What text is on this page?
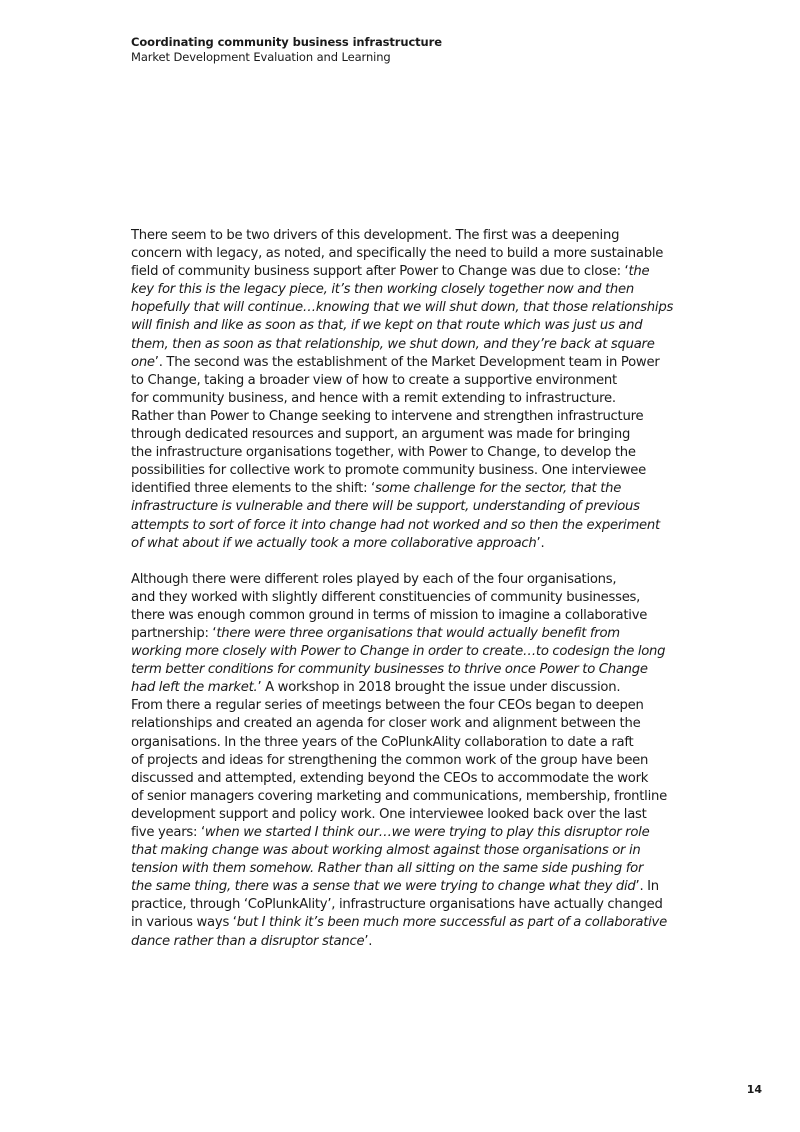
Coordinating community business infrastructure
Market Development Evaluation and Learning

There seem to be two drivers of this development. The first was a deepening
concern with legacy, as noted, and specifically the need to build a more sustainable
field of community business support after Power to Change was due to close: ‘the
key for this is the legacy piece, it’s then working closely together now and then
hopefully that will continue…knowing that we will shut down, that those relationships
will finish and like as soon as that, if we kept on that route which was just us and
them, then as soon as that relationship, we shut down, and they’re back at square
one’. The second was the establishment of the Market Development team in Power
to Change, taking a broader view of how to create a supportive environment
for community business, and hence with a remit extending to infrastructure.
Rather than Power to Change seeking to intervene and strengthen infrastructure
through dedicated resources and support, an argument was made for bringing
the infrastructure organisations together, with Power to Change, to develop the
possibilities for collective work to promote community business. One interviewee
identified three elements to the shift: ‘some challenge for the sector, that the
infrastructure is vulnerable and there will be support, understanding of previous
attempts to sort of force it into change had not worked and so then the experiment
of what about if we actually took a more collaborative approach’.

Although there were different roles played by each of the four organisations,
and they worked with slightly different constituencies of community businesses,
there was enough common ground in terms of mission to imagine a collaborative
partnership: ‘there were three organisations that would actually benefit from
working more closely with Power to Change in order to create…to codesign the long
term better conditions for community businesses to thrive once Power to Change
had left the market.’ A workshop in 2018 brought the issue under discussion.
From there a regular series of meetings between the four CEOs began to deepen
relationships and created an agenda for closer work and alignment between the
organisations. In the three years of the CoPlunkAlity collaboration to date a raft
of projects and ideas for strengthening the common work of the group have been
discussed and attempted, extending beyond the CEOs to accommodate the work
of senior managers covering marketing and communications, membership, frontline
development support and policy work. One interviewee looked back over the last
five years: ‘when we started I think our…we were trying to play this disruptor role
that making change was about working almost against those organisations or in
tension with them somehow. Rather than all sitting on the same side pushing for
the same thing, there was a sense that we were trying to change what they did’. In
practice, through ‘CoPlunkAlity’, infrastructure organisations have actually changed
in various ways ‘but I think it’s been much more successful as part of a collaborative
dance rather than a disruptor stance’.

14
